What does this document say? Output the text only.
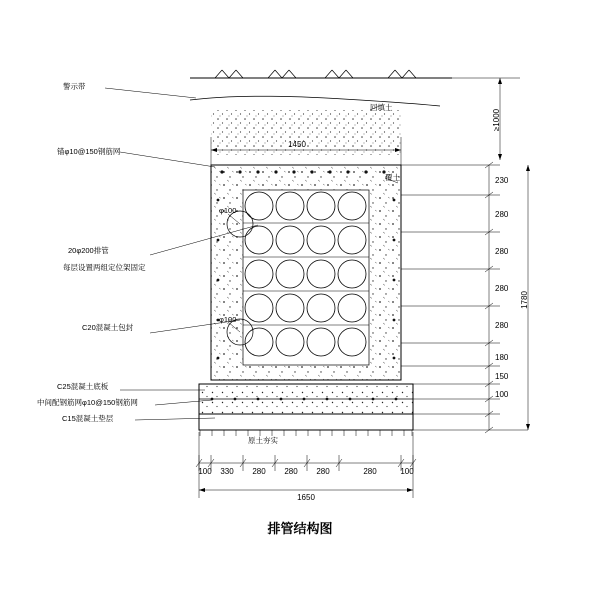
1450
1650
100 330 280 280 280	280	100
230
280
280
280
280
180
150
100
1780
≥1000
警示带
锚φ10@150钢筋网
20φ200排管
每层设置两组定位架固定
C20混凝土包封
C25混凝土底板
中间配钢筋网φ10@150钢筋网
C15混凝土垫层
回填土
覆土
原土夯实
φ100
φ100
排管结构图
